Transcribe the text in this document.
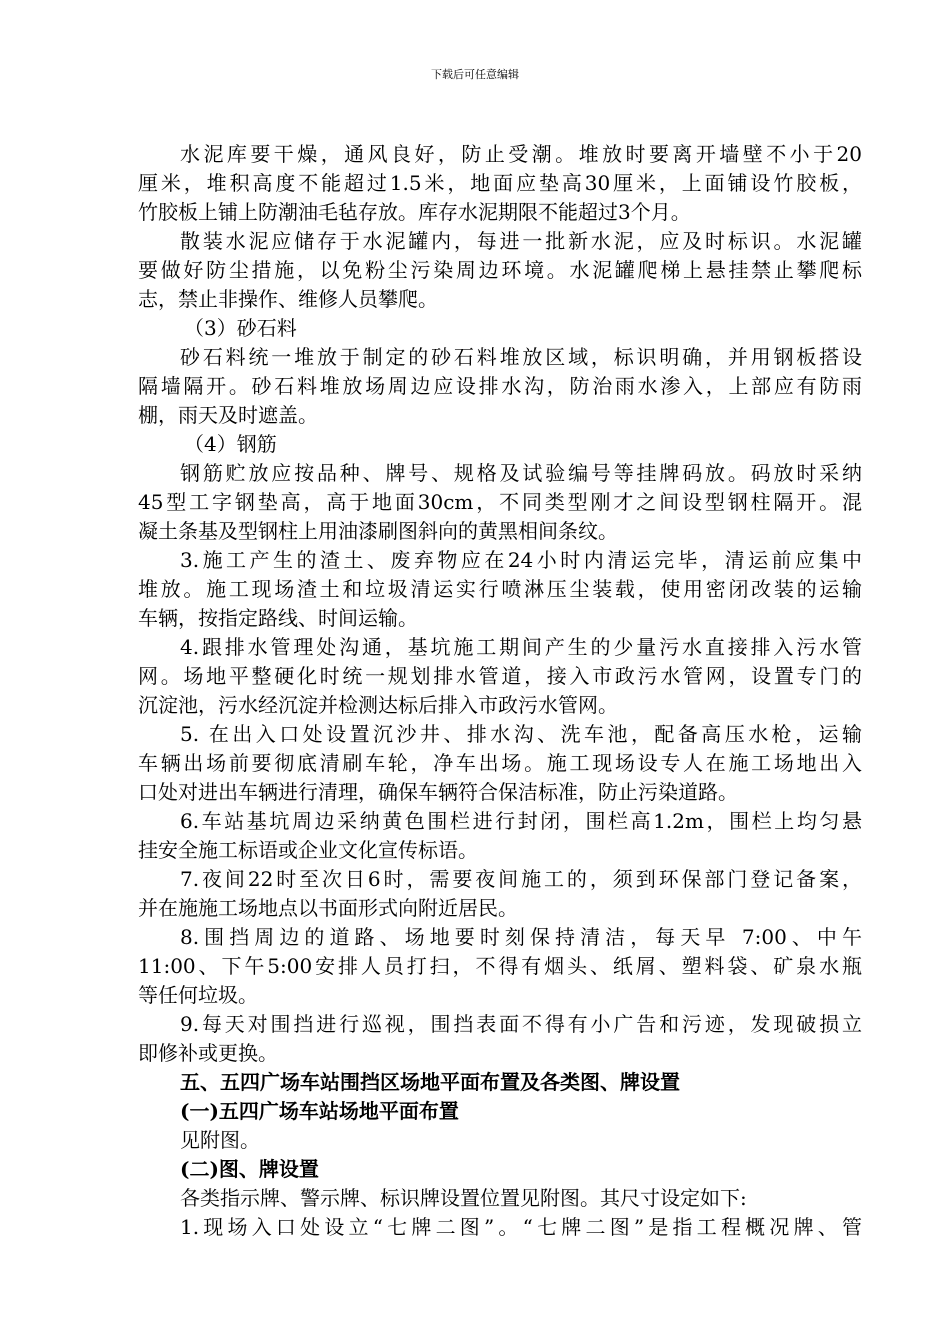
下载后可任意编辑
水泥库要干燥，通风良好，防止受潮。堆放时要离开墙壁不小于20
厘米，堆积高度不能超过1.5米，地面应垫高30厘米，上面铺设竹胶板，
竹胶板上铺上防潮油毛毡存放。库存水泥期限不能超过3个月。
散装水泥应储存于水泥罐内，每进一批新水泥，应及时标识。水泥罐
要做好防尘措施，以免粉尘污染周边环境。水泥罐爬梯上悬挂禁止攀爬标
志，禁止非操作、维修人员攀爬。
（3）砂石料
砂石料统一堆放于制定的砂石料堆放区域，标识明确，并用钢板搭设
隔墙隔开。砂石料堆放场周边应设排水沟，防治雨水渗入，上部应有防雨
棚，雨天及时遮盖。
（4）钢筋
钢筋贮放应按品种、牌号、规格及试验编号等挂牌码放。码放时采纳
45型工字钢垫高，高于地面30cm，不同类型刚才之间设型钢柱隔开。混
凝土条基及型钢柱上用油漆刷图斜向的黄黑相间条纹。
3.施工产生的渣土、废弃物应在24小时内清运完毕，清运前应集中
堆放。施工现场渣土和垃圾清运实行喷淋压尘装载，使用密闭改装的运输
车辆，按指定路线、时间运输。
4.跟排水管理处沟通，基坑施工期间产生的少量污水直接排入污水管
网。场地平整硬化时统一规划排水管道，接入市政污水管网，设置专门的
沉淀池，污水经沉淀并检测达标后排入市政污水管网。
5. 在出入口处设置沉沙井、排水沟、洗车池，配备高压水枪，运输
车辆出场前要彻底清刷车轮，净车出场。施工现场设专人在施工场地出入
口处对进出车辆进行清理，确保车辆符合保洁标准，防止污染道路。
6.车站基坑周边采纳黄色围栏进行封闭，围栏高1.2m，围栏上均匀悬
挂安全施工标语或企业文化宣传标语。
7.夜间22时至次日6时，需要夜间施工的，须到环保部门登记备案，
并在施施工场地点以书面形式向附近居民。
8.围挡周边的道路、场地要时刻保持清洁，每天早 7:00、中午
11:00、下午5:00安排人员打扫，不得有烟头、纸屑、塑料袋、矿泉水瓶
等任何垃圾。
9.每天对围挡进行巡视，围挡表面不得有小广告和污迹，发现破损立
即修补或更换。
五、五四广场车站围挡区场地平面布置及各类图、牌设置
(一)五四广场车站场地平面布置
见附图。
(二)图、牌设置
各类指示牌、警示牌、标识牌设置位置见附图。其尺寸设定如下:
1.现场入口处设立“七牌二图”。“七牌二图”是指工程概况牌、管
